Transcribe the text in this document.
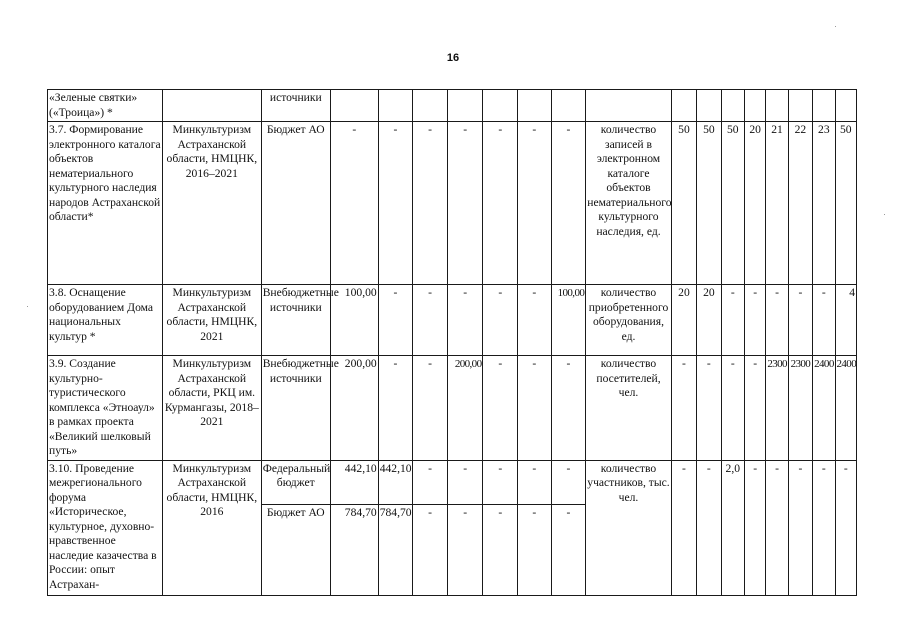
16
«Зеленые святки» («Троица») *		источники																
3.7. Формирование электронного каталога объектов нематериального культурного наследия народов Астраханской области*	Минкультуризм Астраханской области, НМЦНК, 2016–2021	Бюджет АО	-	-	-	-	-	-	-	количество записей в электронном каталоге объектов нематериального культурного наследия, ед.	50	50	50	20	21	22	23	50
3.8. Оснащение оборудованием Дома национальных культур *	Минкультуризм Астраханской области, НМЦНК, 2021	Внебюджетные источники	100,00	-	-	-	-	-	100,00	количество приобретенного оборудования, ед.	20	20	-	-	-	-	-	4
3.9. Создание культурно-туристического комплекса «Этноаул» в рамках проекта «Великий шелковый путь»	Минкультуризм Астраханской области, РКЦ им. Курмангазы, 2018–2021	Внебюджетные источники	200,00	-	-	200,00	-	-	-	количество посетителей, чел.	-	-	-	-	2300	2300	2400	2400
3.10. Проведение межрегионального форума «Историческое, культурное, духовно-нравственное наследие казачества в России: опыт Астрахан-	Минкультуризм Астраханской области, НМЦНК, 2016	Федеральный бюджет	442,10	442,10	-	-	-	-	-	количество участников, тыс. чел.	-	-	2,0	-	-	-	-	-
		Бюджет АО	784,70	784,70	-	-	-	-	-									
